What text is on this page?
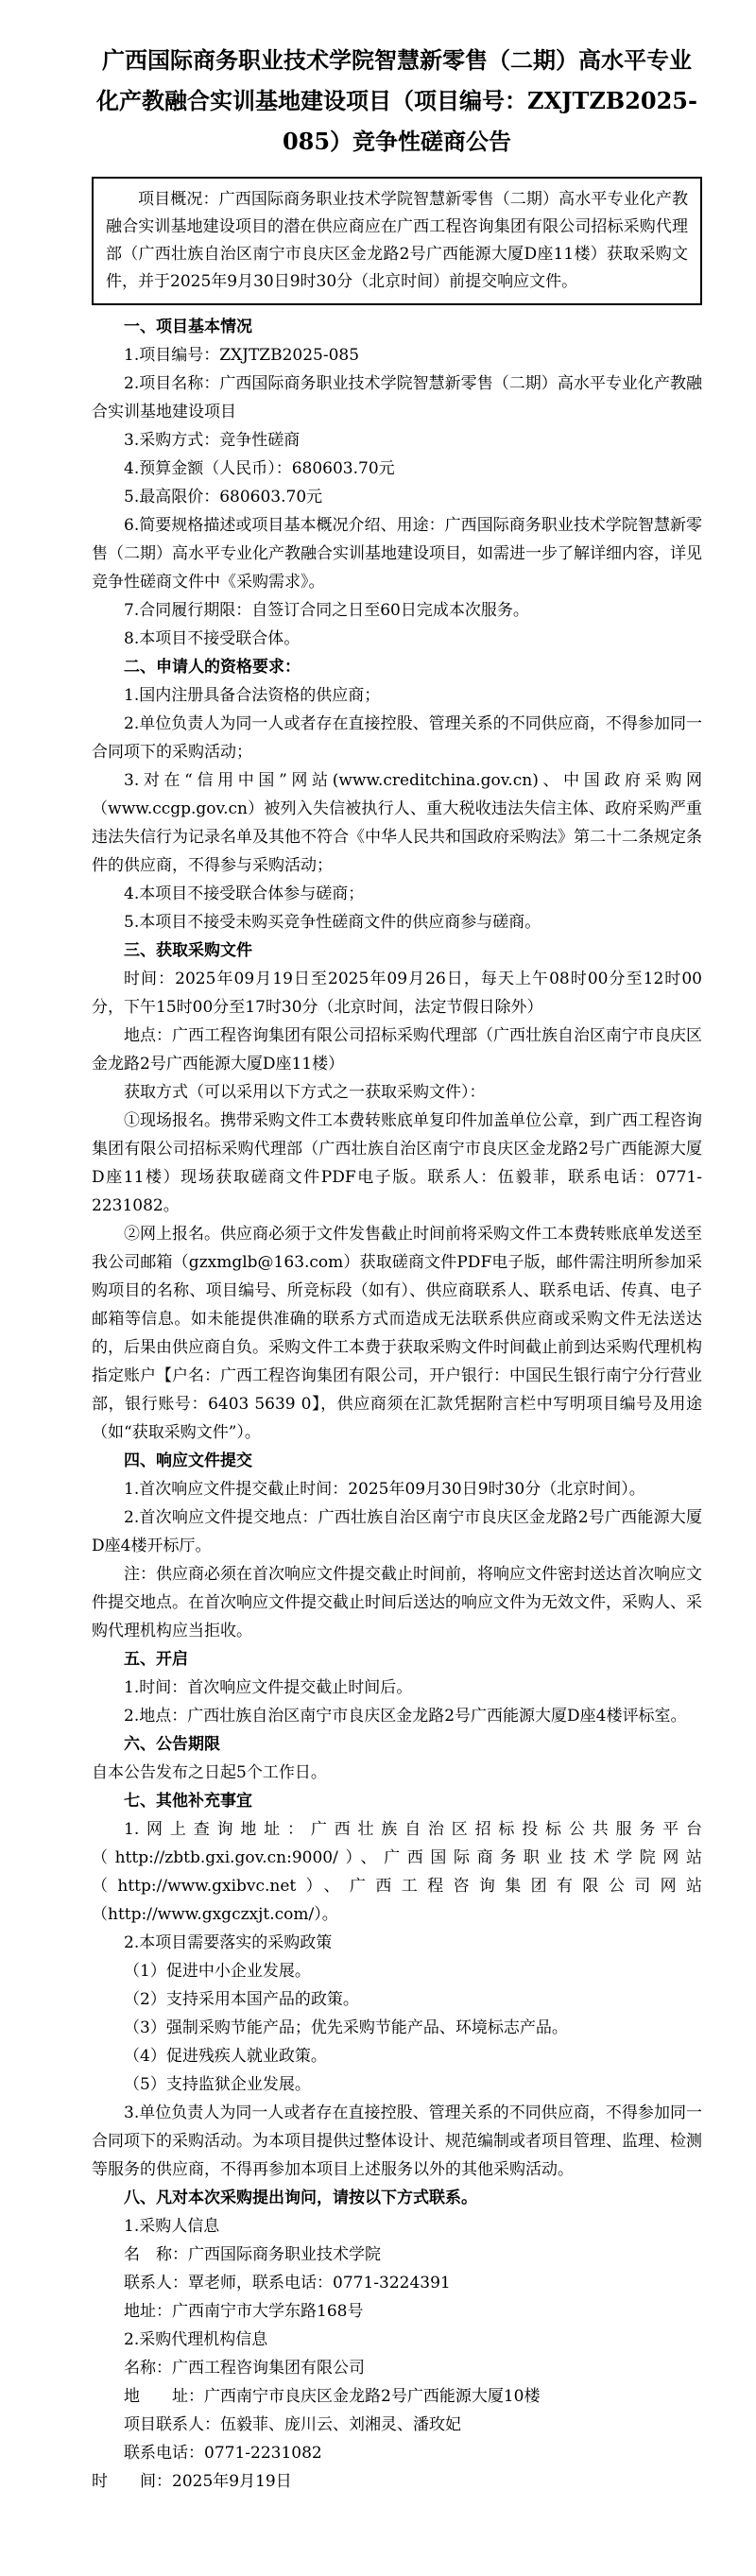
广西国际商务职业技术学院智慧新零售（二期）高水平专业化产教融合实训基地建设项目（项目编号：ZXJTZB2025-085）竞争性磋商公告

项目概况：广西国际商务职业技术学院智慧新零售（二期）高水平专业化产教融合实训基地建设项目的潜在供应商应在广西工程咨询集团有限公司招标采购代理部（广西壮族自治区南宁市良庆区金龙路2号广西能源大厦D座11楼）获取采购文件，并于2025年9月30日9时30分（北京时间）前提交响应文件。

一、项目基本情况

1.项目编号：ZXJTZB2025-085

2.项目名称：广西国际商务职业技术学院智慧新零售（二期）高水平专业化产教融合实训基地建设项目

3.采购方式：竞争性磋商

4.预算金额（人民币）：680603.70元

5.最高限价：680603.70元

6.简要规格描述或项目基本概况介绍、用途：广西国际商务职业技术学院智慧新零售（二期）高水平专业化产教融合实训基地建设项目，如需进一步了解详细内容，详见竞争性磋商文件中《采购需求》。

7.合同履行期限：自签订合同之日至60日完成本次服务。

8.本项目不接受联合体。

二、申请人的资格要求：

1.国内注册具备合法资格的供应商；

2.单位负责人为同一人或者存在直接控股、管理关系的不同供应商，不得参加同一合同项下的采购活动；

3.对在“信用中国”网站(www.creditchina.gov.cn)、中国政府采购网（www.ccgp.gov.cn）被列入失信被执行人、重大税收违法失信主体、政府采购严重违法失信行为记录名单及其他不符合《中华人民共和国政府采购法》第二十二条规定条件的供应商，不得参与采购活动；

4.本项目不接受联合体参与磋商；

5.本项目不接受未购买竞争性磋商文件的供应商参与磋商。

三、获取采购文件

时间：2025年09月19日至2025年09月26日，每天上午08时00分至12时00分，下午15时00分至17时30分（北京时间，法定节假日除外）

地点：广西工程咨询集团有限公司招标采购代理部（广西壮族自治区南宁市良庆区金龙路2号广西能源大厦D座11楼）

获取方式（可以采用以下方式之一获取采购文件）：

①现场报名。携带采购文件工本费转账底单复印件加盖单位公章，到广西工程咨询集团有限公司招标采购代理部（广西壮族自治区南宁市良庆区金龙路2号广西能源大厦D座11楼）现场获取磋商文件PDF电子版。联系人：伍毅菲，联系电话：0771-2231082。

②网上报名。供应商必须于文件发售截止时间前将采购文件工本费转账底单发送至我公司邮箱（gzxmglb@163.com）获取磋商文件PDF电子版，邮件需注明所参加采购项目的名称、项目编号、所竞标段（如有）、供应商联系人、联系电话、传真、电子邮箱等信息。如未能提供准确的联系方式而造成无法联系供应商或采购文件无法送达的，后果由供应商自负。采购文件工本费于获取采购文件时间截止前到达采购代理机构指定账户【户名：广西工程咨询集团有限公司，开户银行：中国民生银行南宁分行营业部，银行账号：6403 5639 0】，供应商须在汇款凭据附言栏中写明项目编号及用途（如“获取采购文件”）。

四、响应文件提交

1.首次响应文件提交截止时间：2025年09月30日9时30分（北京时间）。

2.首次响应文件提交地点：广西壮族自治区南宁市良庆区金龙路2号广西能源大厦D座4楼开标厅。

注：供应商必须在首次响应文件提交截止时间前，将响应文件密封送达首次响应文件提交地点。在首次响应文件提交截止时间后送达的响应文件为无效文件，采购人、采购代理机构应当拒收。

五、开启

1.时间：首次响应文件提交截止时间后。

2.地点：广西壮族自治区南宁市良庆区金龙路2号广西能源大厦D座4楼评标室。

六、公告期限

自本公告发布之日起5个工作日。

七、其他补充事宜

1.网上查询地址：广西壮族自治区招标投标公共服务平台（http://zbtb.gxi.gov.cn:9000/）、广西国际商务职业技术学院网站（http://www.gxibvc.net）、广西工程咨询集团有限公司网站（http://www.gxgczxjt.com/）。

2.本项目需要落实的采购政策

（1）促进中小企业发展。

（2）支持采用本国产品的政策。

（3）强制采购节能产品；优先采购节能产品、环境标志产品。

（4）促进残疾人就业政策。

（5）支持监狱企业发展。

3.单位负责人为同一人或者存在直接控股、管理关系的不同供应商，不得参加同一合同项下的采购活动。为本项目提供过整体设计、规范编制或者项目管理、监理、检测等服务的供应商，不得再参加本项目上述服务以外的其他采购活动。

八、凡对本次采购提出询问，请按以下方式联系。

1.采购人信息

名　称：广西国际商务职业技术学院

联系人：覃老师，联系电话：0771-3224391

地址：广西南宁市大学东路168号

2.采购代理机构信息

名称：广西工程咨询集团有限公司

地　　址：广西南宁市良庆区金龙路2号广西能源大厦10楼

项目联系人：伍毅菲、庞川云、刘湘灵、潘玫妃

联系电话：0771-2231082

时　　间：2025年9月19日
